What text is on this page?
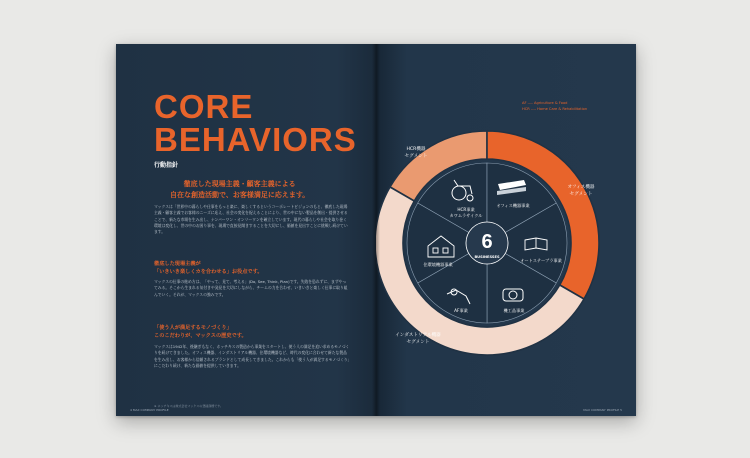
CORE
BEHAVIORS
行動指針
徹底した現場主義・顧客主義による
自在な創造活動で、お客様満足に応えます。
マックスは「世界中の暮らしや仕事をもっと楽に、楽しくするというコーポレートビジョンのもと、徹底した現場主義・顧客主義でお客様のニーズに応え、社会の変化を捉えることにより、世の中にない製品を創出・提供させることで、新たな市場を生み出し、ナンバーワン・オンリーワンを確立しています。現代の暮らしや社会を取り巻く環境は変化し、世の中のお困り事を、現場で直接見聞きすることを大切にし、価値を見出すことに挑戦し続けています。
徹底した現場主義が
「いきいき楽しくカを合わせる」お役点です。
マックスの仕事の進め方は、「やって、見て、考える」(Do, See, Think, Plan)です。失敗を恐れずに、まずやってみる。そこから生まれる気付きや発見を大切にしながら、チームの力を合わせ、いきいきと楽しく仕事に取り組んでいく。それが、マックスの強みです。
「使う人が満足するモノづくり」
このこだわりが、マックスの歴史です。
マックスは1942年、後継ぎもなく、ホッチキスの製造から事業をスタートし、使う人の満足を追い求めるモノづくりを続けてきました。オフィス機器、インダストリアル機器、住環境機器など、時代の変化に合わせて新たな製品を生み出し、お客様から信頼されるブランドとして成長してきました。これからも「使う人が満足するモノづくり」にこだわり続け、新たな価値を提供していきます。
※ ホッチキスは株式会社マックスの登録商標です。
4 MAX COMPANY PROFILE
AF ---- Agriculture & Food
HCR ---- Home Care & Rehabilitation
6
BUSINESSES
HCR機器
セグメント
オフィス機器
セグメント
インダストリアル機器
セグメント
HCR事業
カワムラサイクル
オフィス機器事業
オートステープラ事業
機工品事業
AF事業
住環境機器事業
MAX COMPANY PROFILE 5
